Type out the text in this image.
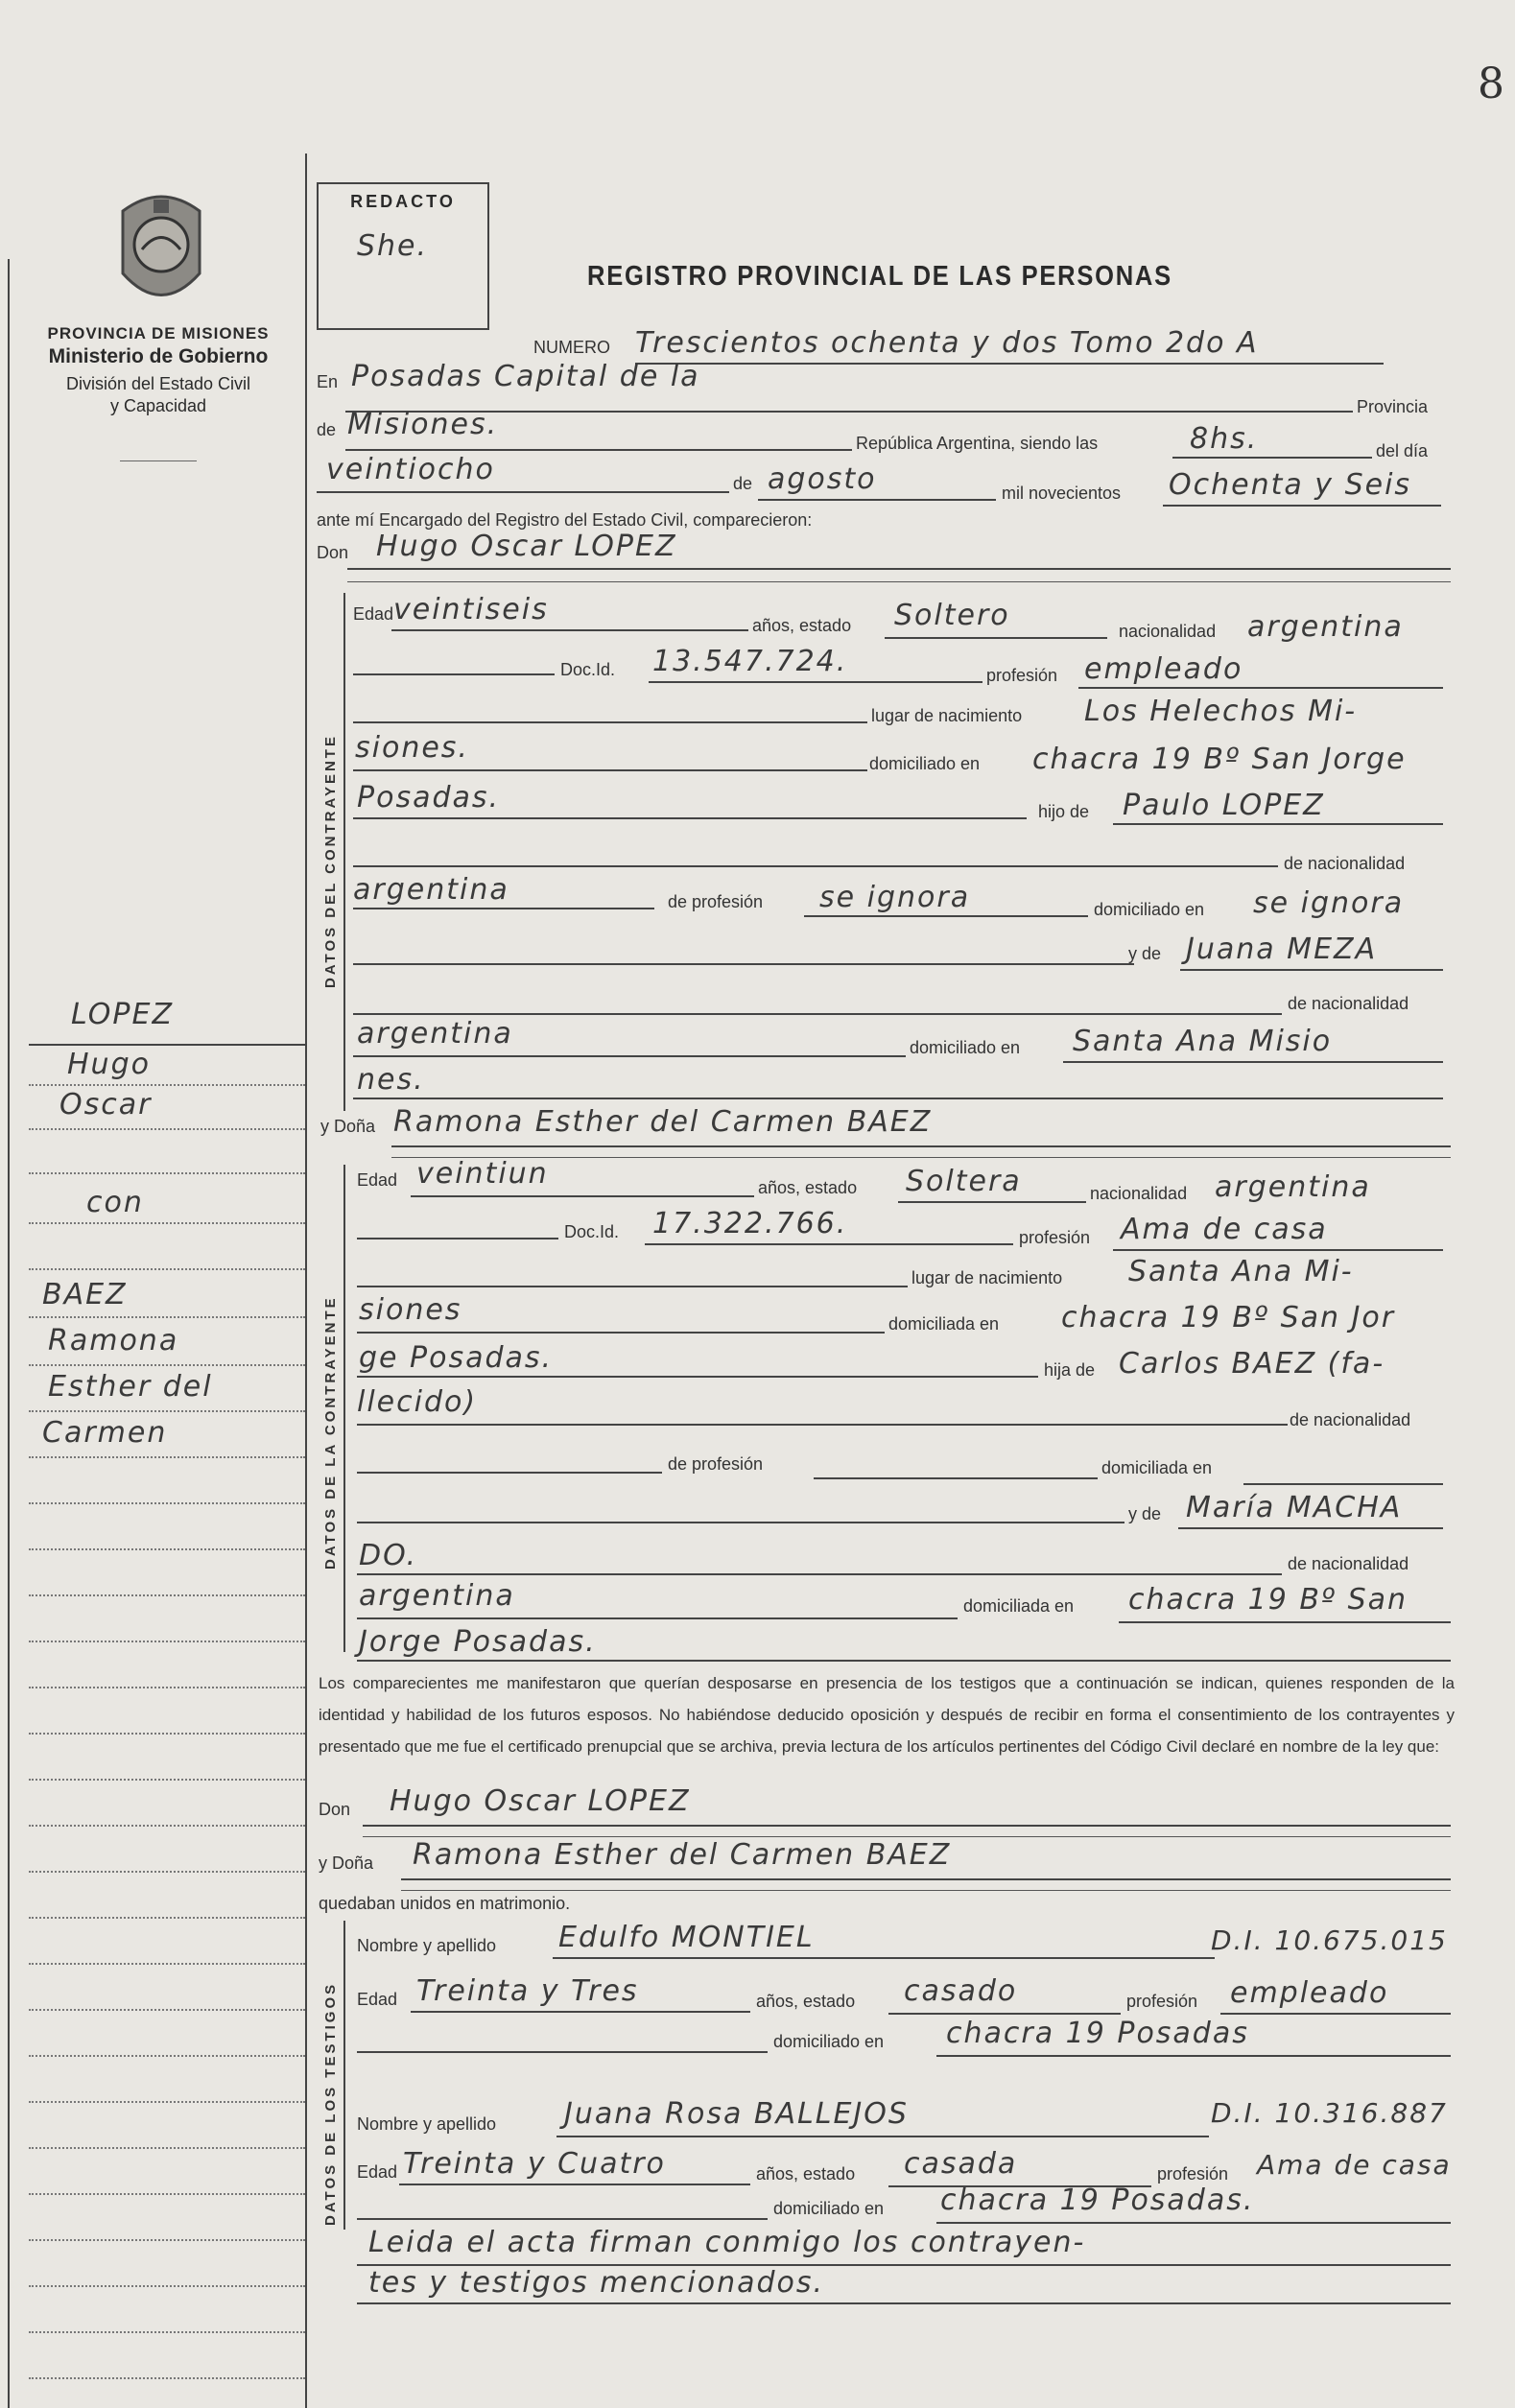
8
PROVINCIA DE MISIONES
Ministerio de Gobierno
División del Estado Civil
y Capacidad
REDACTO
She.
REGISTRO PROVINCIAL DE LAS PERSONAS
NUMERO Trescientos ochenta y dos Tomo 2do A
En Posadas Capital de la
Provincia
de Misiones.
República Argentina, siendo las	8hs.	del día
veintiocho	de agosto	mil novecientos Ochenta y Seis
ante mí Encargado del Registro del Estado Civil, comparecieron:
Don Hugo Oscar LOPEZ
DATOS DEL CONTRAYENTE
Edad veintiseis	años, estado Soltero	nacionalidad argentina
Doc.Id. 13.547.724.	profesión empleado
lugar de nacimiento Los Helechos Mi-
siones.	domiciliado en chacra 19 Bº San Jorge
Posadas.	hijo de Paulo LOPEZ
de nacionalidad
argentina	de profesión se ignora	domiciliado en se ignora
y de Juana MEZA
de nacionalidad
argentina	domiciliado en Santa Ana Misio
nes.
y Doña Ramona Esther del Carmen BAEZ
DATOS DE LA CONTRAYENTE
Edad veintiun	años, estado Soltera	nacionalidad argentina
Doc.Id. 17.322.766.	profesión Ama de casa
lugar de nacimiento Santa Ana Mi-
siones	domiciliada en chacra 19 Bº San Jor
ge Posadas.	hija de Carlos BAEZ (fa-
llecido)
de nacionalidad
de profesión	domiciliada en
y de María MACHA
DO.	de nacionalidad
argentina	domiciliada en chacra 19 Bº San
Jorge Posadas.
Los comparecientes me manifestaron que querían desposarse en presencia de los testigos que a continuación se indican, quienes responden de la identidad y habilidad de los futuros esposos. No habiéndose deducido oposición y después de recibir en forma el consentimiento de los contrayentes y presentado que me fue el certificado prenupcial que se archiva, previa lectura de los artículos pertinentes del Código Civil declaré en nombre de la ley que:
Don Hugo Oscar LOPEZ
y Doña Ramona Esther del Carmen BAEZ
quedaban unidos en matrimonio.
DATOS DE LOS TESTIGOS
Nombre y apellido Edulfo MONTIEL	D.I. 10.675.015
Edad Treinta y Tres	años, estado casado	profesión empleado
domiciliado en chacra 19 Posadas
Nombre y apellido Juana Rosa BALLEJOS	D.I. 10.316.887
Edad Treinta y Cuatro	años, estado casada	profesión Ama de casa
domiciliado en chacra 19 Posadas.
Leida el acta firman conmigo los contrayen-
tes y testigos mencionados.
LOPEZ
Hugo
Oscar
con
BAEZ
Ramona
Esther del
Carmen
